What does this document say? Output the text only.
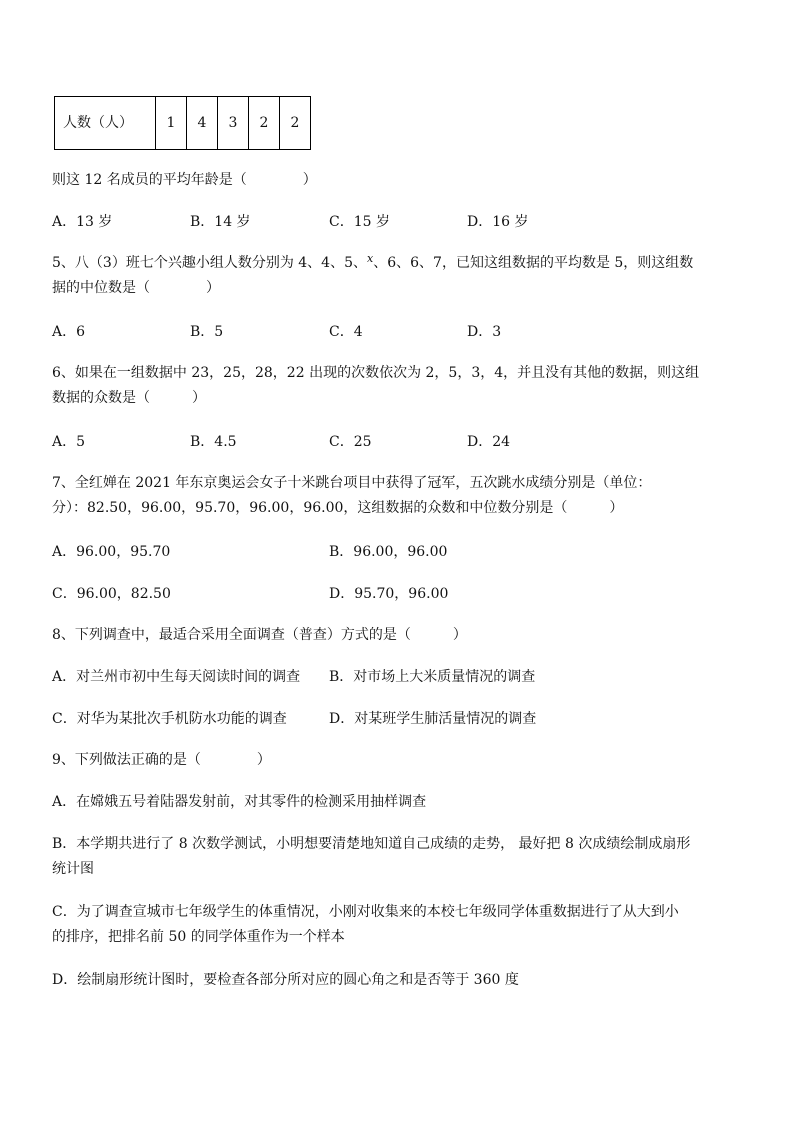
人数（人）	1	4	3	2	2
则这 12 名成员的平均年龄是（　　　　）
A．13 岁	B．14 岁	C．15 岁	D．16 岁
5、八（3）班七个兴趣小组人数分别为 4、4、5、$^x$、6、6、7，已知这组数据的平均数是 5，则这组数
据的中位数是（　　　　）
A．6	B．5	C．4	D．3
6、如果在一组数据中 23，25，28，22 出现的次数依次为 2，5，3，4，并且没有其他的数据，则这组
数据的众数是（　　　）
A．5	B．4.5	C．25	D．24
7、全红婵在 2021 年东京奥运会女子十米跳台项目中获得了冠军，五次跳水成绩分别是（单位：
分）：82.50，96.00，95.70，96.00，96.00，这组数据的众数和中位数分别是（　　　）
A．96.00，95.70	B．96.00，96.00
C．96.00，82.50	D．95.70，96.00
8、下列调查中，最适合采用全面调查（普查）方式的是（　　　）
A．对兰州市初中生每天阅读时间的调查 B．对市场上大米质量情况的调查
C．对华为某批次手机防水功能的调查	D．对某班学生肺活量情况的调查
9、下列做法正确的是（　　　　）
A．在嫦娥五号着陆器发射前，对其零件的检测采用抽样调查
B．本学期共进行了 8 次数学测试，小明想要清楚地知道自己成绩的走势， 最好把 8 次成绩绘制成扇形
统计图
C．为了调查宣城市七年级学生的体重情况，小刚对收集来的本校七年级同学体重数据进行了从大到小
的排序，把排名前 50 的同学体重作为一个样本
D．绘制扇形统计图时，要检查各部分所对应的圆心角之和是否等于 360 度
